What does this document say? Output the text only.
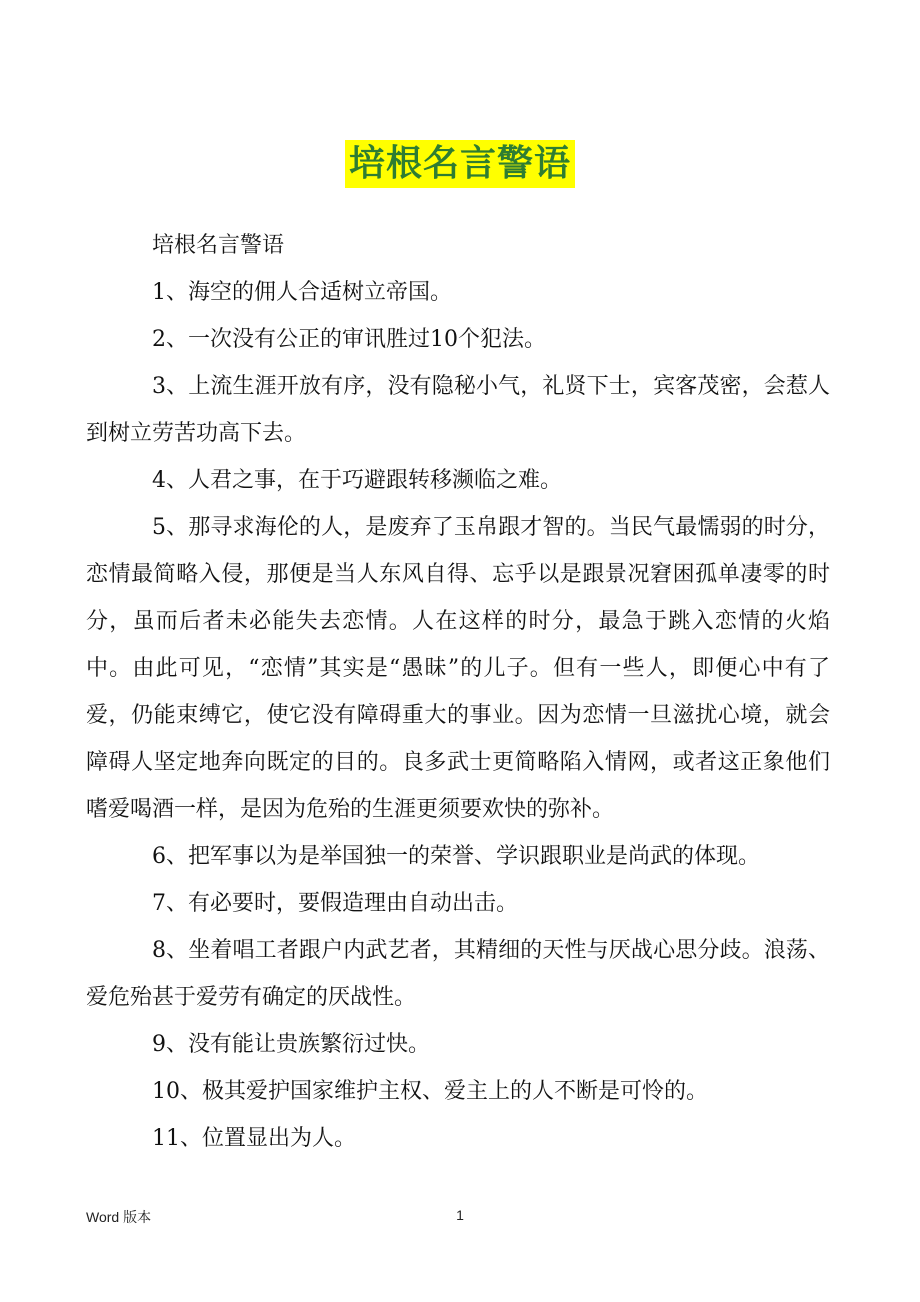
培根名言警语

培根名言警语

1、海空的佣人合适树立帝国。

2、一次没有公正的审讯胜过10个犯法。

3、上流生涯开放有序，没有隐秘小气，礼贤下士，宾客茂密，会惹人到树立劳苦功高下去。

4、人君之事，在于巧避跟转移濒临之难。

5、那寻求海伦的人，是废弃了玉帛跟才智的。当民气最懦弱的时分，恋情最简略入侵，那便是当人东风自得、忘乎以是跟景况窘困孤单凄零的时分，虽而后者未必能失去恋情。人在这样的时分，最急于跳入恋情的火焰中。由此可见，“恋情”其实是“愚昧”的儿子。但有一些人，即便心中有了爱，仍能束缚它，使它没有障碍重大的事业。因为恋情一旦滋扰心境，就会障碍人坚定地奔向既定的目的。良多武士更简略陷入情网，或者这正象他们嗜爱喝酒一样，是因为危殆的生涯更须要欢快的弥补。

6、把军事以为是举国独一的荣誉、学识跟职业是尚武的体现。

7、有必要时，要假造理由自动出击。

8、坐着唱工者跟户内武艺者，其精细的天性与厌战心思分歧。浪荡、爱危殆甚于爱劳有确定的厌战性。

9、没有能让贵族繁衍过快。

10、极其爱护国家维护主权、爱主上的人不断是可怜的。

11、位置显出为人。

Word 版本	1
